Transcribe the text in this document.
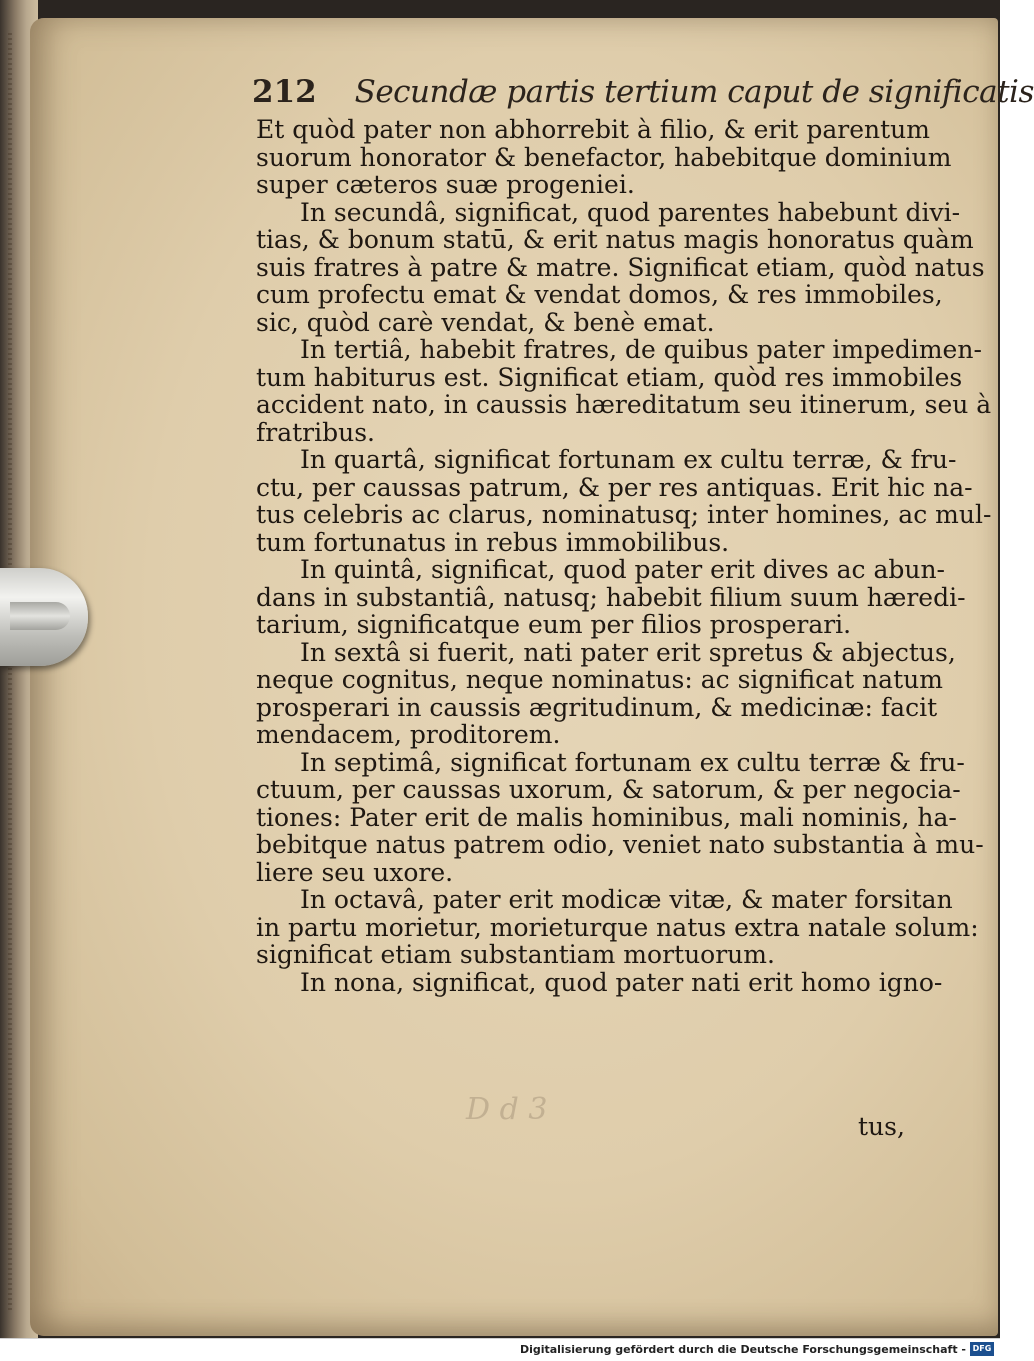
D d 3
212 Secundæ partis tertium caput de significatis
Et quòd pater non abhorrebit à filio, & erit parentum
suorum honorator & benefactor, habebitque dominium
super cæteros suæ progeniei.
In secundâ, significat, quod parentes habebunt divi-
tias, & bonum statū, & erit natus magis honoratus quàm
suis fratres à patre & matre. Significat etiam, quòd natus
cum profectu emat & vendat domos, & res immobiles,
sic, quòd carè vendat, & benè emat.
In tertiâ, habebit fratres, de quibus pater impedimen-
tum habiturus est. Significat etiam, quòd res immobiles
accident nato, in caussis hæreditatum seu itinerum, seu à
fratribus.
In quartâ, significat fortunam ex cultu terræ, & fru-
ctu, per caussas patrum, & per res antiquas. Erit hic na-
tus celebris ac clarus, nominatusq; inter homines, ac mul-
tum fortunatus in rebus immobilibus.
In quintâ, significat, quod pater erit dives ac abun-
dans in substantiâ, natusq; habebit filium suum hæredi-
tarium, significatque eum per filios prosperari.
In sextâ si fuerit, nati pater erit spretus & abjectus,
neque cognitus, neque nominatus: ac significat natum
prosperari in caussis ægritudinum, & medicinæ: facit
mendacem, proditorem.
In septimâ, significat fortunam ex cultu terræ & fru-
ctuum, per caussas uxorum, & satorum, & per negocia-
tiones: Pater erit de malis hominibus, mali nominis, ha-
bebitque natus patrem odio, veniet nato substantia à mu-
liere seu uxore.
In octavâ, pater erit modicæ vitæ, & mater forsitan
in partu morietur, morieturque natus extra natale solum:
significat etiam substantiam mortuorum.
In nona, significat, quod pater nati erit homo igno-
tus,
Digitalisierung gefördert durch die Deutsche Forschungsgemeinschaft - DFG
